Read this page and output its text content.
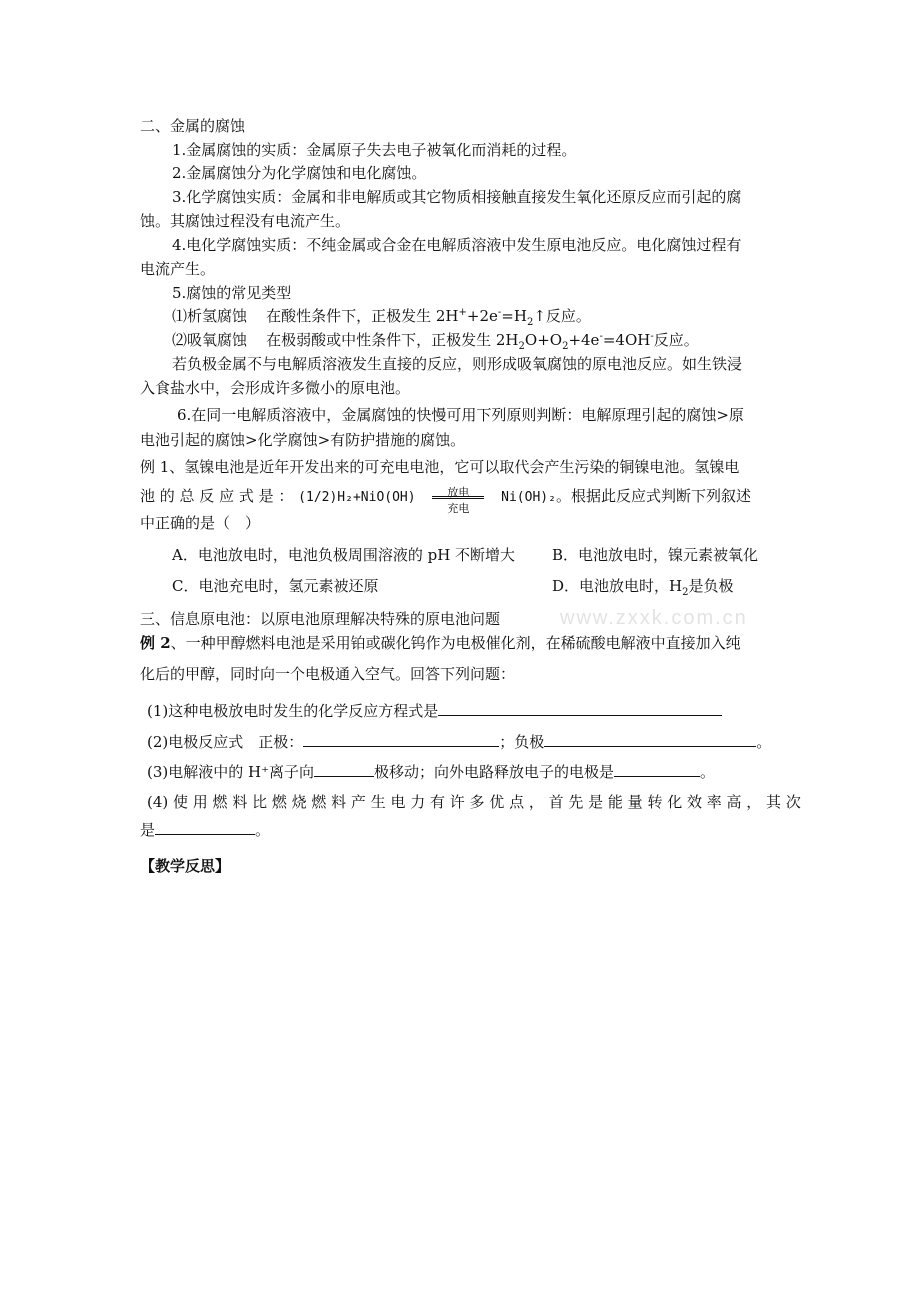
二、金属的腐蚀
1.金属腐蚀的实质：金属原子失去电子被氧化而消耗的过程。
2.金属腐蚀分为化学腐蚀和电化腐蚀。
3.化学腐蚀实质：金属和非电解质或其它物质相接触直接发生氧化还原反应而引起的腐
蚀。其腐蚀过程没有电流产生。
4.电化学腐蚀实质：不纯金属或合金在电解质溶液中发生原电池反应。电化腐蚀过程有
电流产生。
5.腐蚀的常见类型
⑴析氢腐蚀 在酸性条件下，正极发生 $2H^++2e^-=H_2↑$反应。
⑵吸氧腐蚀 在极弱酸或中性条件下，正极发生 $2H_2O+O_2+4e^-=4OH^-$反应。
若负极金属不与电解质溶液发生直接的反应，则形成吸氧腐蚀的原电池反应。如生铁浸
入食盐水中，会形成许多微小的原电池。
6.在同一电解质溶液中，金属腐蚀的快慢可用下列原则判断：电解原理引起的腐蚀>原
电池引起的腐蚀>化学腐蚀>有防护措施的腐蚀。
例 1、氢镍电池是近年开发出来的可充电电池，它可以取代会产生污染的铜镍电池。氢镍电
池 的 总 反 应 式 是 ： (1/2)H₂+NiO(OH)	放电
充电
Ni(OH)₂。根据此反应式判断下列叙述
中正确的是（　）
A．电池放电时，电池负极周围溶液的 pH 不断增大 B．电池放电时，镍元素被氧化
C．电池充电时，氢元素被还原	D．电池放电时，$H_2$是负极
www.zxxk.com.cn
三、信息原电池：以原电池原理解决特殊的原电池问题
例 2、一种甲醇燃料电池是采用铂或碳化钨作为电极催化剂，在稀硫酸电解液中直接加入纯
化后的甲醇，同时向一个电极通入空气。回答下列问题：
(1)这种电极放电时发生的化学反应方程式是
(2)电极反应式　正极：	；负极	。
(3)电解液中的 H⁺离子向	极移动；向外电路释放电子的电极是	。
(4) 使 用 燃 料 比 燃 烧 燃 料 产 生 电 力 有 许 多 优 点 ， 首 先 是 能 量 转 化 效 率 高 ， 其 次
是	。
【教学反思】
